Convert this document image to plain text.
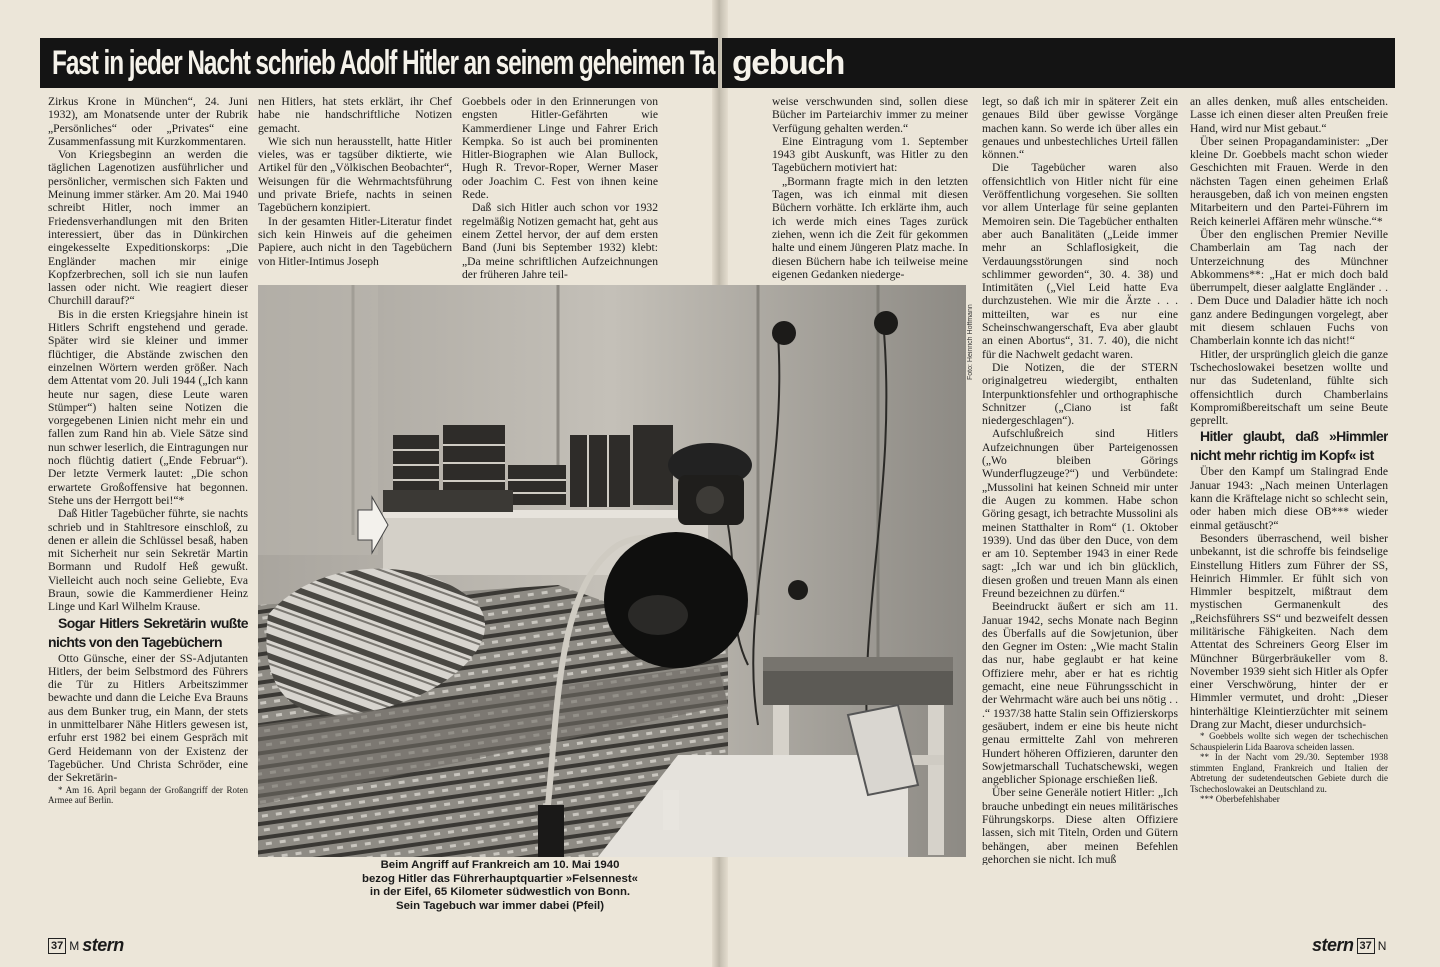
Fast in jeder Nacht schrieb Adolf Hitler an seinem geheimen Ta gebuch

Zirkus Krone in München“, 24. Juni 1932), am Monatsende unter der Rubrik „Persönliches“ oder „Privates“ eine Zusammenfassung mit Kurzkommentaren.

Von Kriegsbeginn an werden die täglichen Lagenotizen ausführlicher und persönlicher, vermischen sich Fakten und Meinung immer stärker. Am 20. Mai 1940 schreibt Hitler, noch immer an Friedensverhandlungen mit den Briten interessiert, über das in Dünkirchen eingekesselte Expeditionskorps: „Die Engländer machen mir einige Kopfzerbrechen, soll ich sie nun laufen lassen oder nicht. Wie reagiert dieser Churchill darauf?“

Bis in die ersten Kriegsjahre hinein ist Hitlers Schrift engstehend und gerade. Später wird sie kleiner und immer flüchtiger, die Abstände zwischen den einzelnen Wörtern werden größer. Nach dem Attentat vom 20. Juli 1944 („Ich kann heute nur sagen, diese Leute waren Stümper“) halten seine Notizen die vorgegebenen Linien nicht mehr ein und fallen zum Rand hin ab. Viele Sätze sind nun schwer leserlich, die Eintragungen nur noch flüchtig datiert („Ende Februar“). Der letzte Vermerk lautet: „Die schon erwartete Großoffensive hat begonnen. Stehe uns der Herrgott bei!“*

Daß Hitler Tagebücher führte, sie nachts schrieb und in Stahltresore einschloß, zu denen er allein die Schlüssel besaß, haben mit Sicherheit nur sein Sekretär Martin Bormann und Rudolf Heß gewußt. Vielleicht auch noch seine Geliebte, Eva Braun, sowie die Kammerdiener Heinz Linge und Karl Wilhelm Krause.

Sogar Hitlers Sekretärin wußte nichts von den Tagebüchern

Otto Günsche, einer der SS-Adjutanten Hitlers, der beim Selbstmord des Führers die Tür zu Hitlers Arbeitszimmer bewachte und dann die Leiche Eva Brauns aus dem Bunker trug, ein Mann, der stets in unmittelbarer Nähe Hitlers gewesen ist, erfuhr erst 1982 bei einem Gespräch mit Gerd Heidemann von der Existenz der Tagebücher. Und Christa Schröder, eine der Sekretärin-

* Am 16. April begann der Großangriff der Roten Armee auf Berlin.

nen Hitlers, hat stets erklärt, ihr Chef habe nie handschriftliche Notizen gemacht.

Wie sich nun herausstellt, hatte Hitler vieles, was er tagsüber diktierte, wie Artikel für den „Völkischen Beobachter“, Weisungen für die Wehrmachtsführung und private Briefe, nachts in seinen Tagebüchern konzipiert.

In der gesamten Hitler-Literatur findet sich kein Hinweis auf die geheimen Papiere, auch nicht in den Tagebüchern von Hitler-Intimus Joseph

Goebbels oder in den Erinnerungen von engsten Hitler-Gefährten wie Kammerdiener Linge und Fahrer Erich Kempka. So ist auch bei prominenten Hitler-Biographen wie Alan Bullock, Hugh R. Trevor-Roper, Werner Maser oder Joachim C. Fest von ihnen keine Rede.

Daß sich Hitler auch schon vor 1932 regelmäßig Notizen gemacht hat, geht aus einem Zettel hervor, der auf dem ersten Band (Juni bis September 1932) klebt: „Da meine schriftlichen Aufzeichnungen der früheren Jahre teil-

weise verschwunden sind, sollen diese Bücher im Parteiarchiv immer zu meiner Verfügung gehalten werden.“

Eine Eintragung vom 1. September 1943 gibt Auskunft, was Hitler zu den Tagebüchern motiviert hat:

„Bormann fragte mich in den letzten Tagen, was ich einmal mit diesen Büchern vorhätte. Ich erklärte ihm, auch ich werde mich eines Tages zurück ziehen, wenn ich die Zeit für gekommen halte und einem Jüngeren Platz mache. In diesen Büchern habe ich teilweise meine eigenen Gedanken niederge-

legt, so daß ich mir in späterer Zeit ein genaues Bild über gewisse Vorgänge machen kann. So werde ich über alles ein genaues und unbestechliches Urteil fällen können.“

Die Tagebücher waren also offensichtlich von Hitler nicht für eine Veröffentlichung vorgesehen. Sie sollten vor allem Unterlage für seine geplanten Memoiren sein. Die Tagebücher enthalten aber auch Banalitäten („Leide immer mehr an Schlaflosigkeit, die Verdauungsstörungen sind noch schlimmer geworden“, 30. 4. 38) und Intimitäten („Viel Leid hatte Eva durchzustehen. Wie mir die Ärzte . . . mitteilten, war es nur eine Scheinschwangerschaft, Eva aber glaubt an einen Abortus“, 31. 7. 40), die nicht für die Nachwelt gedacht waren.

Die Notizen, die der STERN originalgetreu wiedergibt, enthalten Interpunktionsfehler und orthographische Schnitzer („Ciano ist faßt niedergeschlagen“).

Aufschlußreich sind Hitlers Aufzeichnungen über Parteigenossen („Wo bleiben Görings Wunderflugzeuge?“) und Verbündete: „Mussolini hat keinen Schneid mir unter die Augen zu kommen. Habe schon Göring gesagt, ich betrachte Mussolini als meinen Statthalter in Rom“ (1. Oktober 1939). Und das über den Duce, von dem er am 10. September 1943 in einer Rede sagt: „Ich war und ich bin glücklich, diesen großen und treuen Mann als einen Freund bezeichnen zu dürfen.“

Beeindruckt äußert er sich am 11. Januar 1942, sechs Monate nach Beginn des Überfalls auf die Sowjetunion, über den Gegner im Osten: „Wie macht Stalin das nur, habe geglaubt er hat keine Offiziere mehr, aber er hat es richtig gemacht, eine neue Führungsschicht in der Wehrmacht wäre auch bei uns nötig . . .“ 1937/38 hatte Stalin sein Offizierskorps gesäubert, indem er eine bis heute nicht genau ermittelte Zahl von mehreren Hundert höheren Offizieren, darunter den Sowjetmarschall Tuchatschewski, wegen angeblicher Spionage erschießen ließ.

Über seine Generäle notiert Hitler: „Ich brauche unbedingt ein neues militärisches Führungskorps. Diese alten Offiziere lassen, sich mit Titeln, Orden und Gütern behängen, aber meinen Befehlen gehorchen sie nicht. Ich muß

an alles denken, muß alles entscheiden. Lasse ich einen dieser alten Preußen freie Hand, wird nur Mist gebaut.“

Über seinen Propagandaminister: „Der kleine Dr. Goebbels macht schon wieder Geschichten mit Frauen. Werde in den nächsten Tagen einen geheimen Erlaß herausgeben, daß ich von meinen engsten Mitarbeitern und den Partei-Führern im Reich keinerlei Affären mehr wünsche.“*

Über den englischen Premier Neville Chamberlain am Tag nach der Unterzeichnung des Münchner Abkommens**: „Hat er mich doch bald überrumpelt, dieser aalglatte Engländer . . . Dem Duce und Daladier hätte ich noch ganz andere Bedingungen vorgelegt, aber mit diesem schlauen Fuchs von Chamberlain konnte ich das nicht!“

Hitler, der ursprünglich gleich die ganze Tschechoslowakei besetzen wollte und nur das Sudetenland, fühlte sich offensichtlich durch Chamberlains Kompromißbereitschaft um seine Beute geprellt.

Hitler glaubt, daß »Himmler nicht mehr richtig im Kopf« ist

Über den Kampf um Stalingrad Ende Januar 1943: „Nach meinen Unterlagen kann die Kräftelage nicht so schlecht sein, oder haben mich diese OB*** wieder einmal getäuscht?“

Besonders überraschend, weil bisher unbekannt, ist die schroffe bis feindselige Einstellung Hitlers zum Führer der SS, Heinrich Himmler. Er fühlt sich von Himmler bespitzelt, mißtraut dem mystischen Germanenkult des „Reichsführers SS“ und bezweifelt dessen militärische Fähigkeiten. Nach dem Attentat des Schreiners Georg Elser im Münchner Bürgerbräukeller vom 8. November 1939 sieht sich Hitler als Opfer einer Verschwörung, hinter der er Himmler vermutet, und droht: „Dieser hinterhältige Kleintierzüchter mit seinem Drang zur Macht, dieser undurchsich-

* Goebbels wollte sich wegen der tschechischen Schauspielerin Lida Baarova scheiden lassen.

** In der Nacht vom 29./30. September 1938 stimmten England, Frankreich und Italien der Abtretung der sudetendeutschen Gebiete durch die Tschechoslowakei an Deutschland zu.

*** Oberbefehlshaber

Foto: Heinrich Hoffmann
Beim Angriff auf Frankreich am 10. Mai 1940
bezog Hitler das Führerhauptquartier »Felsennest«
in der Eifel, 65 Kilometer südwestlich von Bonn.
Sein Tagebuch war immer dabei (Pfeil)
37 M stern	stern 37 N
